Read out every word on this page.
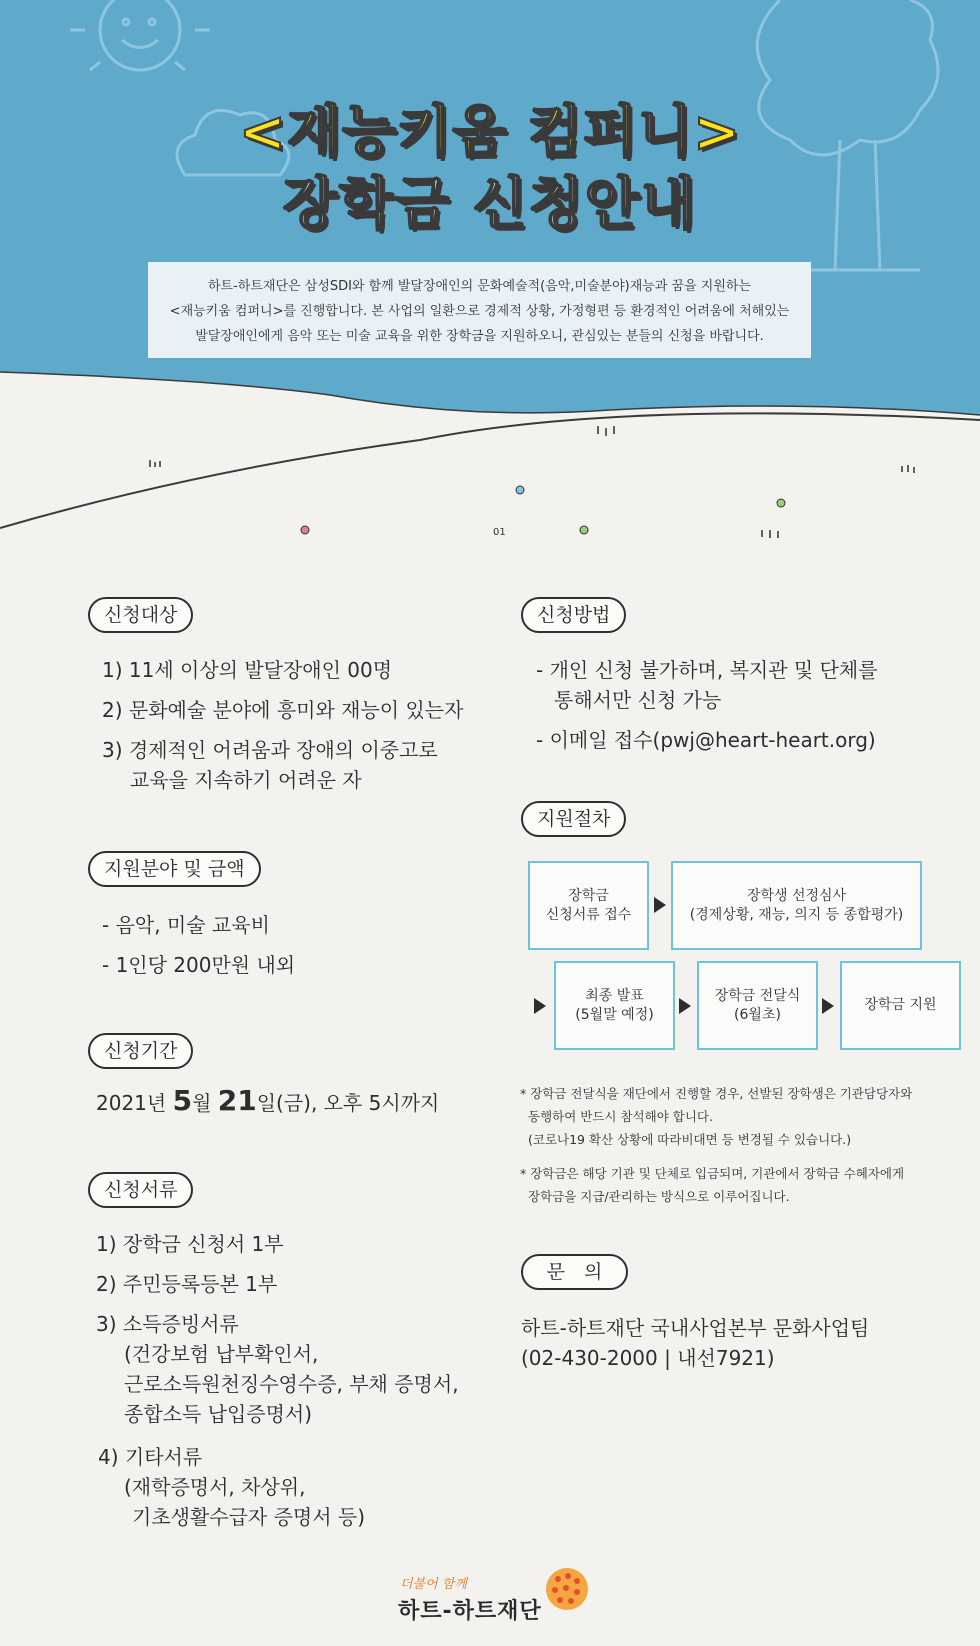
01
<재능키움 컴퍼니>
장학금 신청안내
하트-하트재단은 삼성SDI와 함께 발달장애인의 문화예술적(음악,미술분야)재능과 꿈을 지원하는
<재능키움 컴퍼니>를 진행합니다. 본 사업의 일환으로 경제적 상황, 가정형편 등 환경적인 어려움에 처해있는
발달장애인에게 음악 또는 미술 교육을 위한 장학금을 지원하오니, 관심있는 분들의 신청을 바랍니다.
신청대상
1) 11세 이상의 발달장애인 00명
2) 문화예술 분야에 흥미와 재능이 있는자
3) 경제적인 어려움과 장애의 이중고로
교육을 지속하기 어려운 자
지원분야 및 금액
- 음악, 미술 교육비
- 1인당 200만원 내외
신청기간
2021년 5월 21일(금), 오후 5시까지
신청서류
1) 장학금 신청서 1부
2) 주민등록등본 1부
3) 소득증빙서류
(건강보험 납부확인서,
근로소득원천징수영수증, 부채 증명서,
종합소득 납입증명서)
4) 기타서류
(재학증명서, 차상위,
기초생활수급자 증명서 등)
신청방법
- 개인 신청 불가하며, 복지관 및 단체를
통해서만 신청 가능
- 이메일 접수(pwj@heart-heart.org)
지원절차
장학금
신청서류 접수
장학생 선정심사
(경제상황, 재능, 의지 등 종합평가)
최종 발표
(5월말 예정)
장학금 전달식
(6월초)
장학금 지원
* 장학금 전달식을 재단에서 진행할 경우, 선발된 장학생은 기관담당자와
동행하여 반드시 참석해야 합니다.
(코로나19 확산 상황에 따라비대면 등 변경될 수 있습니다.)
* 장학금은 해당 기관 및 단체로 입금되며, 기관에서 장학금 수혜자에게
장학금을 지급/관리하는 방식으로 이루어집니다.
문　의
하트-하트재단 국내사업본부 문화사업팀
(02-430-2000 | 내선7921)
더불어 함께
하트-하트재단
